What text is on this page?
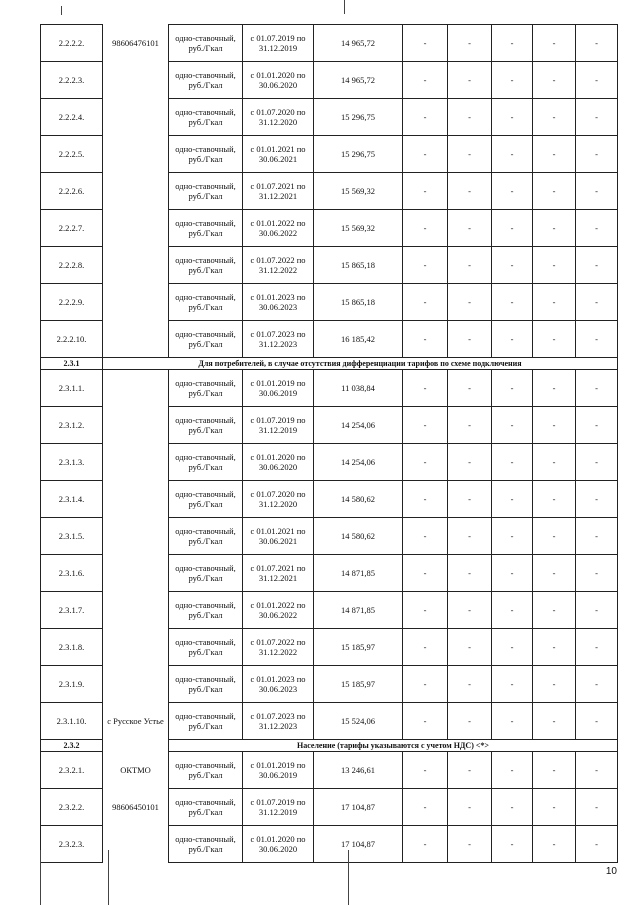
2.2.2.2.	98606476101	одно-ставочный,
руб./Гкал	с 01.07.2019 по
31.12.2019	14 965,72	-	-	-	-	-
2.2.2.3.		одно-ставочный,
руб./Гкал	с 01.01.2020 по
30.06.2020	14 965,72	-	-	-	-	-
2.2.2.4.		одно-ставочный,
руб./Гкал	с 01.07.2020 по
31.12.2020	15 296,75	-	-	-	-	-
2.2.2.5.		одно-ставочный,
руб./Гкал	с 01.01.2021 по
30.06.2021	15 296,75	-	-	-	-	-
2.2.2.6.		одно-ставочный,
руб./Гкал	с 01.07.2021 по
31.12.2021	15 569,32	-	-	-	-	-
2.2.2.7.		одно-ставочный,
руб./Гкал	с 01.01.2022 по
30.06.2022	15 569,32	-	-	-	-	-
2.2.2.8.		одно-ставочный,
руб./Гкал	с 01.07.2022 по
31.12.2022	15 865,18	-	-	-	-	-
2.2.2.9.		одно-ставочный,
руб./Гкал	с 01.01.2023 по
30.06.2023	15 865,18	-	-	-	-	-
2.2.2.10.		одно-ставочный,
руб./Гкал	с 01.07.2023 по
31.12.2023	16 185,42	-	-	-	-	-
2.3.1	Для потребителей, в случае отсутствия дифференциации тарифов по схеме подключения								
2.3.1.1.		одно-ставочный,
руб./Гкал	с 01.01.2019 по
30.06.2019	11 038,84	-	-	-	-	-
2.3.1.2.		одно-ставочный,
руб./Гкал	с 01.07.2019 по
31.12.2019	14 254,06	-	-	-	-	-
2.3.1.3.		одно-ставочный,
руб./Гкал	с 01.01.2020 по
30.06.2020	14 254,06	-	-	-	-	-
2.3.1.4.		одно-ставочный,
руб./Гкал	с 01.07.2020 по
31.12.2020	14 580,62	-	-	-	-	-
2.3.1.5.		одно-ставочный,
руб./Гкал	с 01.01.2021 по
30.06.2021	14 580,62	-	-	-	-	-
2.3.1.6.		одно-ставочный,
руб./Гкал	с 01.07.2021 по
31.12.2021	14 871,85	-	-	-	-	-
2.3.1.7.		одно-ставочный,
руб./Гкал	с 01.01.2022 по
30.06.2022	14 871,85	-	-	-	-	-
2.3.1.8.		одно-ставочный,
руб./Гкал	с 01.07.2022 по
31.12.2022	15 185,97	-	-	-	-	-
2.3.1.9.		одно-ставочный,
руб./Гкал	с 01.01.2023 по
30.06.2023	15 185,97	-	-	-	-	-
2.3.1.10.	с Русское Устье	одно-ставочный,
руб./Гкал	с 01.07.2023 по
31.12.2023	15 524,06	-	-	-	-	-
2.3.2		Население (тарифы указываются с учетом НДС) <*>							
2.3.2.1.	ОКТМО	одно-ставочный,
руб./Гкал	с 01.01.2019 по
30.06.2019	13 246,61	-	-	-	-	-
2.3.2.2.	98606450101	одно-ставочный,
руб./Гкал	с 01.07.2019 по
31.12.2019	17 104,87	-	-	-	-	-
2.3.2.3.		одно-ставочный,
руб./Гкал	с 01.01.2020 по
30.06.2020	17 104,87	-	-	-	-	-
10
